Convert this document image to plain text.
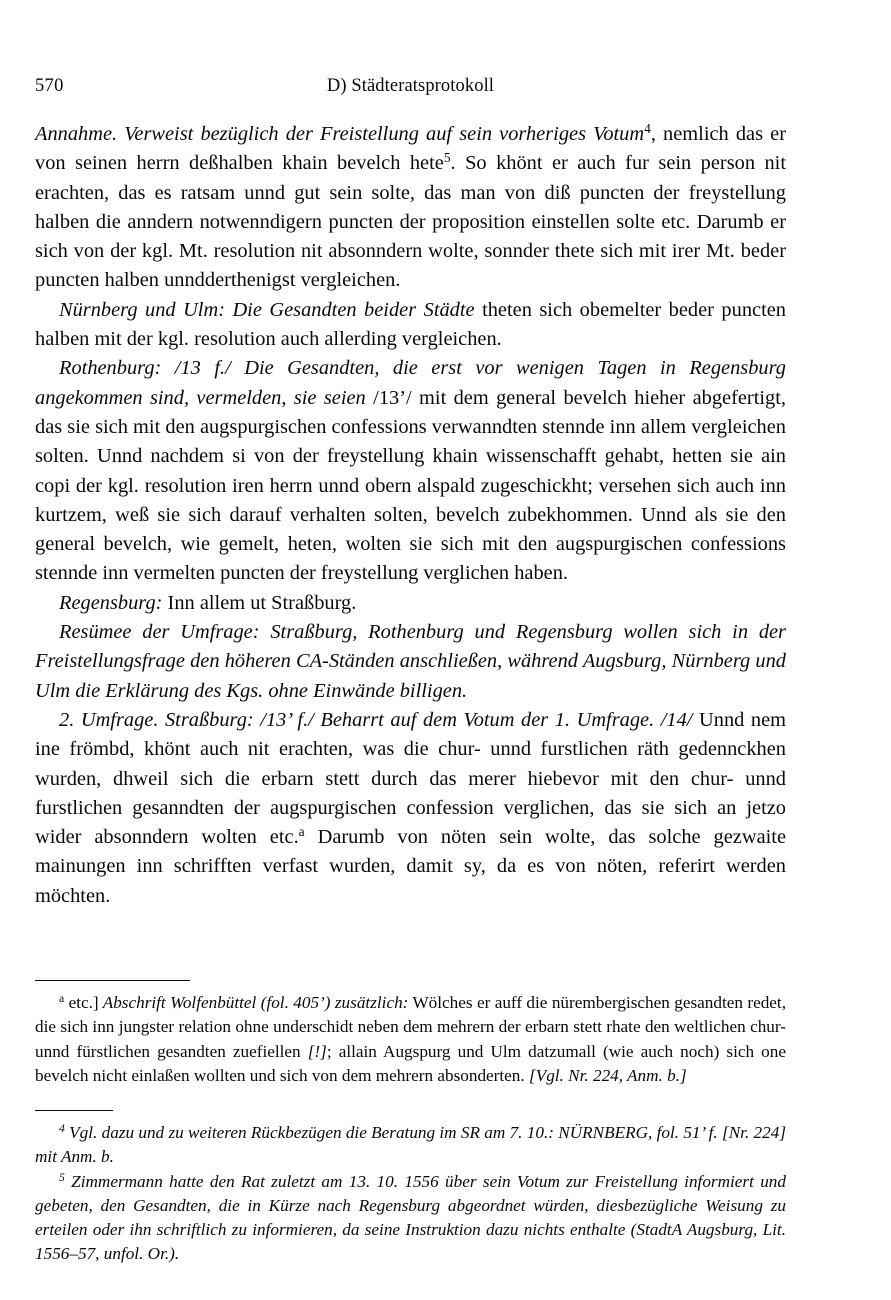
570	D) Städteratsprotokoll

Annahme. Verweist bezüglich der Freistellung auf sein vorheriges Votum$^4$, nemlich das er von seinen herrn deßhalben khain bevelch hete$^5$. So khönt er auch fur sein person nit erachten, das es ratsam unnd gut sein solte, das man von diß puncten der freystellung halben die anndern notwenndigern puncten der proposition einstellen solte etc. Darumb er sich von der kgl. Mt. resolution nit absonndern wolte, sonnder thete sich mit irer Mt. beder puncten halben unndderthenigst vergleichen.

Nürnberg und Ulm: Die Gesandten beider Städte theten sich obemelter beder puncten halben mit der kgl. resolution auch allerding vergleichen.

Rothenburg: /13 f./ Die Gesandten, die erst vor wenigen Tagen in Regensburg angekommen sind, vermelden, sie seien /13’/ mit dem general bevelch hieher abgefertigt, das sie sich mit den augspurgischen confessions verwanndten stennde inn allem vergleichen solten. Unnd nachdem si von der freystellung khain wissenschafft gehabt, hetten sie ain copi der kgl. resolution iren herrn unnd obern alspald zugeschickht; versehen sich auch inn kurtzem, weß sie sich darauf verhalten solten, bevelch zubekhommen. Unnd als sie den general bevelch, wie gemelt, heten, wolten sie sich mit den augspurgischen confessions stennde inn vermelten puncten der freystellung verglichen haben.

Regensburg: Inn allem ut Straßburg.

Resümee der Umfrage: Straßburg, Rothenburg und Regensburg wollen sich in der Freistellungsfrage den höheren CA-Ständen anschließen, während Augsburg, Nürnberg und Ulm die Erklärung des Kgs. ohne Einwände billigen.

2. Umfrage. Straßburg: /13’ f./ Beharrt auf dem Votum der 1. Umfrage. /14/ Unnd nem ine frömbd, khönt auch nit erachten, was die chur- unnd furstlichen räth gedennckhen wurden, dhweil sich die erbarn stett durch das merer hiebevor mit den chur- unnd furstlichen gesanndten der augspurgischen confession verglichen, das sie sich an jetzo wider absonndern wolten etc.$^a$ Darumb von nöten sein wolte, das solche gezwaite mainungen inn schrifften verfast wurden, damit sy, da es von nöten, referirt werden möchten.

$^a$ etc.] Abschrift Wolfenbüttel (fol. 405’) zusätzlich: Wölches er auff die nürembergischen gesandten redet, die sich inn jungster relation ohne underschidt neben dem mehrern der erbarn stett rhate den weltlichen chur- unnd fürstlichen gesandten zuefiellen [!]; allain Augspurg und Ulm datzumall (wie auch noch) sich one bevelch nicht einlaßen wollten und sich von dem mehrern absonderten. [Vgl. Nr. 224, Anm. b.]

$^4$ Vgl. dazu und zu weiteren Rückbezügen die Beratung im SR am 7. 10.: NÜRNBERG, fol. 51’ f. [Nr. 224] mit Anm. b.

$^5$ Zimmermann hatte den Rat zuletzt am 13. 10. 1556 über sein Votum zur Freistellung informiert und gebeten, den Gesandten, die in Kürze nach Regensburg abgeordnet würden, diesbezügliche Weisung zu erteilen oder ihn schriftlich zu informieren, da seine Instruktion dazu nichts enthalte (StadtA Augsburg, Lit. 1556–57, unfol. Or.).
